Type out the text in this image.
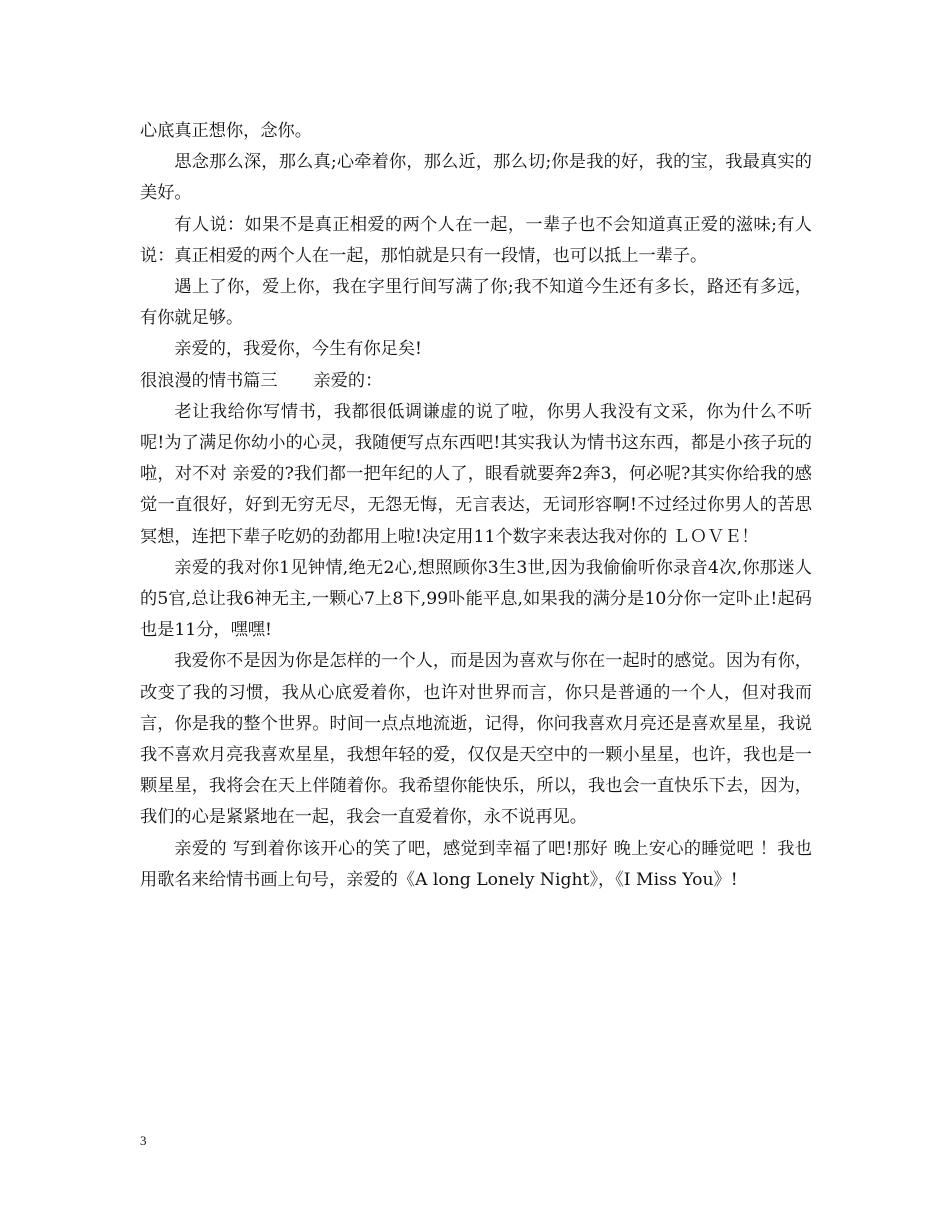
心底真正想你，念你。

思念那么深，那么真;心牵着你，那么近，那么切;你是我的好，我的宝，我最真实的美好。

有人说：如果不是真正相爱的两个人在一起，一辈子也不会知道真正爱的滋味;有人说：真正相爱的两个人在一起，那怕就是只有一段情，也可以抵上一辈子。

遇上了你，爱上你，我在字里行间写满了你;我不知道今生还有多长，路还有多远，有你就足够。

亲爱的，我爱你，今生有你足矣!

很浪漫的情书篇三 亲爱的：

老让我给你写情书，我都很低调谦虚的说了啦，你男人我没有文采，你为什么不听呢!为了满足你幼小的心灵，我随便写点东西吧!其实我认为情书这东西，都是小孩子玩的啦，对不对 亲爱的?我们都一把年纪的人了，眼看就要奔2奔3，何必呢?其实你给我的感觉一直很好，好到无穷无尽，无怨无悔，无言表达，无词形容啊!不过经过你男人的苦思冥想，连把下辈子吃奶的劲都用上啦!决定用11个数字来表达我对你的 ＬＯＶＥ！

亲爱的我对你1见钟情,绝无2心,想照顾你3生3世,因为我偷偷听你录音4次,你那迷人的5官,总让我6神无主,一颗心7上8下,99卟能平息,如果我的满分是10分你一定卟止!起码也是11分，嘿嘿!

我爱你不是因为你是怎样的一个人，而是因为喜欢与你在一起时的感觉。因为有你，改变了我的习惯，我从心底爱着你，也许对世界而言，你只是普通的一个人，但对我而言，你是我的整个世界。时间一点点地流逝，记得，你问我喜欢月亮还是喜欢星星，我说我不喜欢月亮我喜欢星星，我想年轻的爱，仅仅是天空中的一颗小星星，也许，我也是一颗星星，我将会在天上伴随着你。我希望你能快乐，所以，我也会一直快乐下去，因为，我们的心是紧紧地在一起，我会一直爱着你，永不说再见。

亲爱的 写到着你该开心的笑了吧，感觉到幸福了吧!那好 晚上安心的睡觉吧 ！我也用歌名来给情书画上句号，亲爱的《A long Lonely Night》，《I Miss You》!

3
